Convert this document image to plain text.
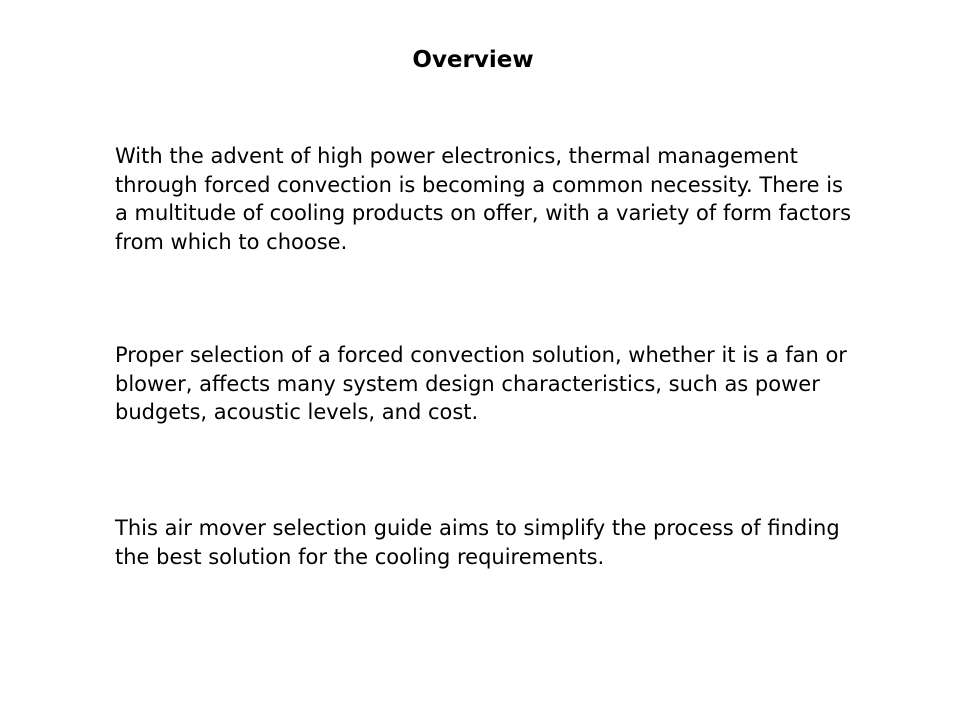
Overview

With the advent of high power electronics, thermal management through forced convection is becoming a common necessity. There is a multitude of cooling products on offer, with a variety of form factors from which to choose.

Proper selection of a forced convection solution, whether it is a fan or blower, affects many system design characteristics, such as power budgets, acoustic levels, and cost.

This air mover selection guide aims to simplify the process of finding the best solution for the cooling requirements.
